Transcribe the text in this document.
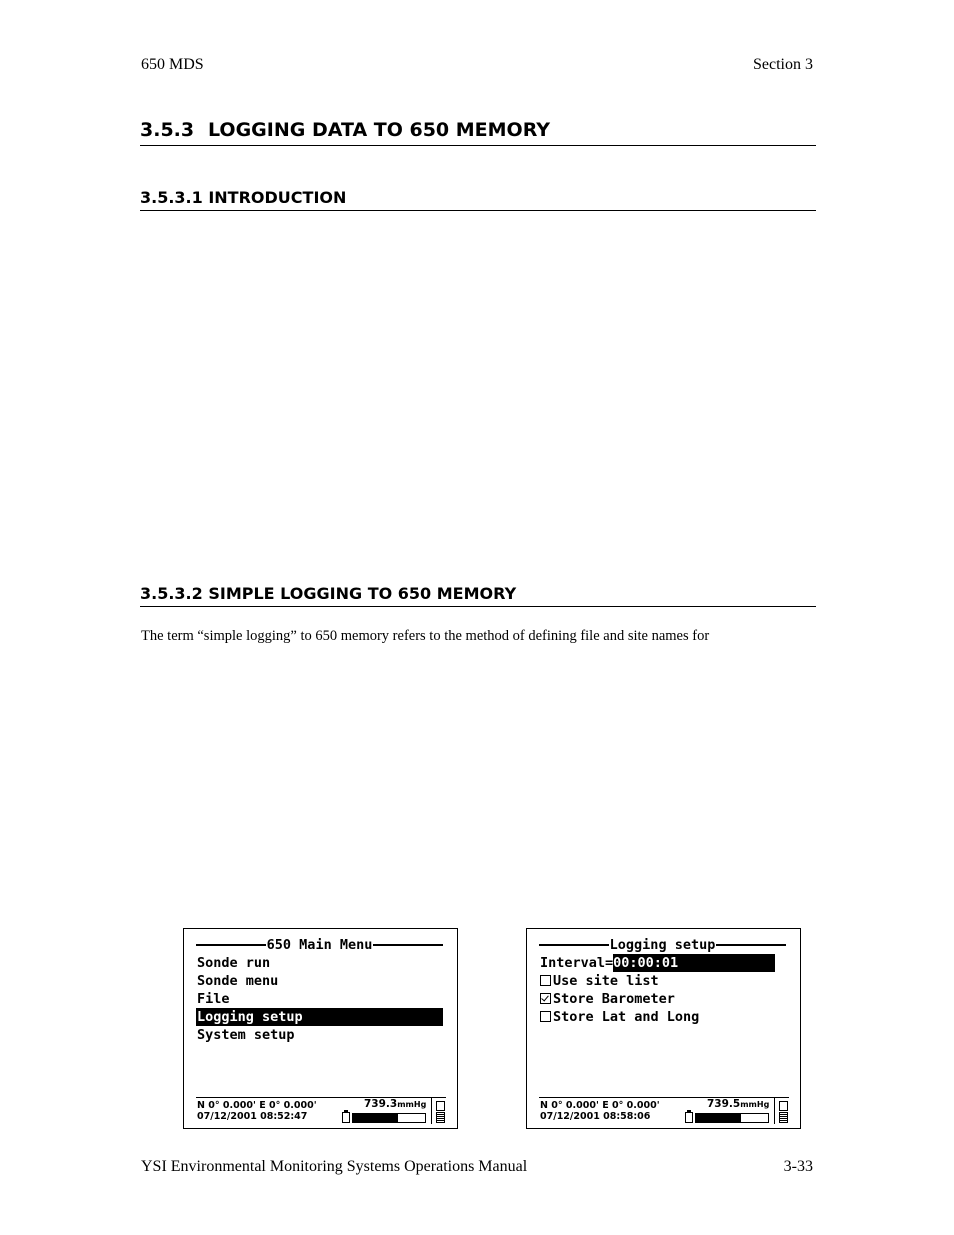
650 MDS	Section 3
3.5.3 LOGGING DATA TO 650 MEMORY
3.5.3.1 INTRODUCTION
3.5.3.2 SIMPLE LOGGING TO 650 MEMORY
The term “simple logging” to 650 memory refers to the method of defining file and site names for
650 Main Menu
Sonde run
Sonde menu
File
Logging setup
System setup
N 0° 0.000' E 0° 0.000'
07/12/2001 08:52:47
739.3mmHg
Logging setup
Interval=00:00:01
Use site list
Store Barometer
Store Lat and Long
N 0° 0.000' E 0° 0.000'
07/12/2001 08:58:06
739.5mmHg
YSI Environmental Monitoring Systems Operations Manual	3-33
